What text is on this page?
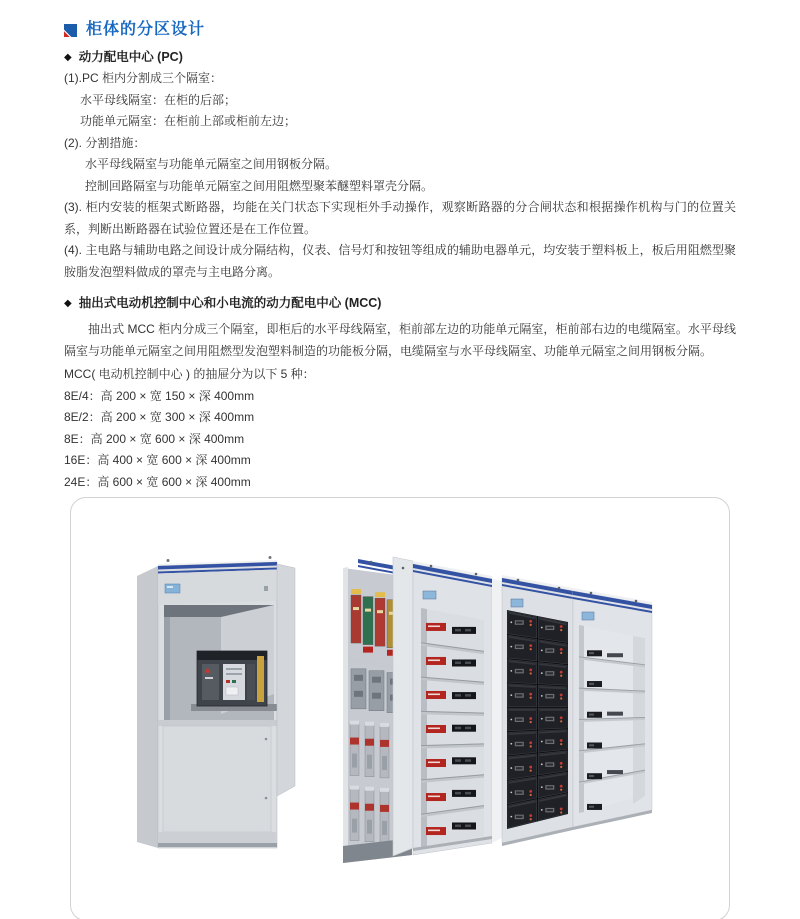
柜体的分区设计
◆ 动力配电中心 (PC)

(1).PC 柜内分割成三个隔室：

水平母线隔室：在柜的后部；

功能单元隔室：在柜前上部或柜前左边；

(2). 分割措施：

水平母线隔室与功能单元隔室之间用钢板分隔。

控制回路隔室与功能单元隔室之间用阻燃型聚苯醚塑料罩壳分隔。

(3). 柜内安装的框架式断路器，均能在关门状态下实现柜外手动操作，观察断路器的分合闸状态和根据操作机构与门的位置关系，判断出断路器在试验位置还是在工作位置。

(4). 主电路与辅助电路之间设计成分隔结构，仪表、信号灯和按钮等组成的辅助电器单元，均安装于塑料板上，板后用阻燃型聚胺脂发泡塑料做成的罩壳与主电路分离。

◆ 抽出式电动机控制中心和小电流的动力配电中心 (MCC)

抽出式 MCC 柜内分成三个隔室，即柜后的水平母线隔室，柜前部左边的功能单元隔室，柜前部右边的电缆隔室。水平母线隔室与功能单元隔室之间用阻燃型发泡塑料制造的功能板分隔，电缆隔室与水平母线隔室、功能单元隔室之间用钢板分隔。

MCC( 电动机控制中心 ) 的抽屉分为以下 5 种：

8E/4：高 200 × 宽 150 × 深 400mm

8E/2：高 200 × 宽 300 × 深 400mm

8E：高 200 × 宽 600 × 深 400mm

16E：高 400 × 宽 600 × 深 400mm

24E：高 600 × 宽 600 × 深 400mm
